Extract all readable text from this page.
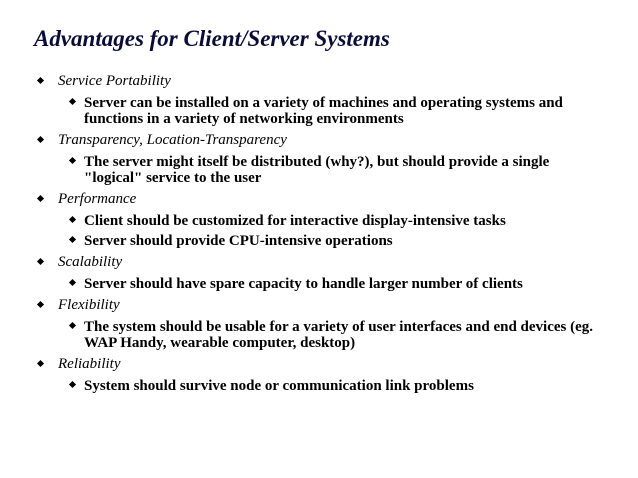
Advantages for Client/Server Systems
Service Portability
Server can be installed on a variety of machines and operating systems and functions in a variety of networking environments
Transparency, Location-Transparency
The server might itself be distributed (why?), but should provide a single "logical" service to the user
Performance
Client should be customized for interactive display-intensive tasks
Server should provide CPU-intensive operations
Scalability
Server should have spare capacity to handle larger number of clients
Flexibility
The system should be usable for a variety of user interfaces and end devices (eg. WAP Handy, wearable computer, desktop)
Reliability
System should survive node or communication link problems
